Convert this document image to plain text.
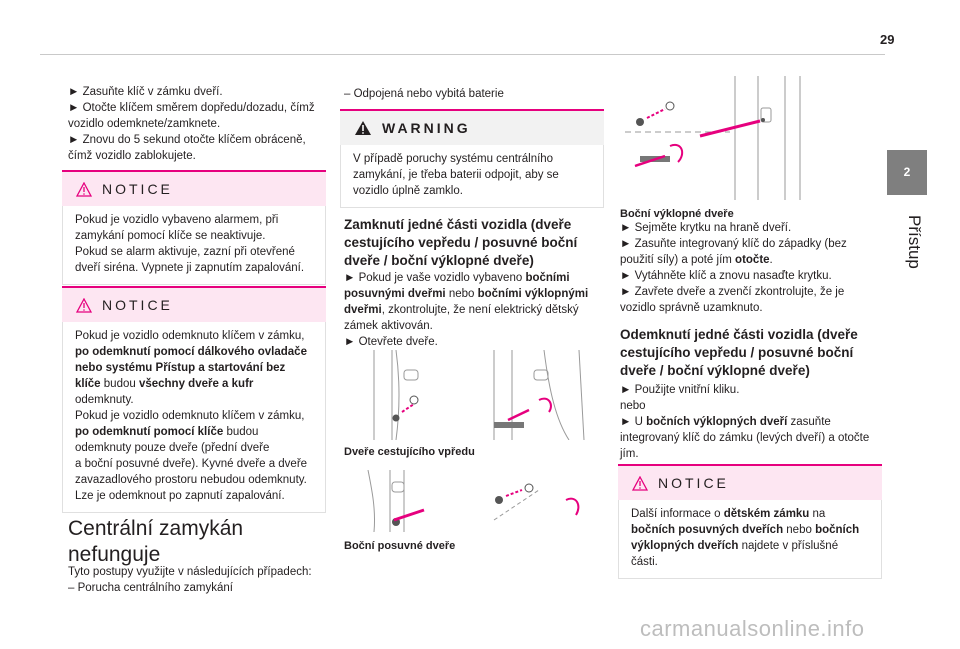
29
2
Přístup

► Zasuňte klíč v zámku dveří.

► Otočte klíčem směrem dopředu/dozadu, čímž

vozidlo odemknete/zamknete.

► Znovu do 5 sekund otočte klíčem obráceně,

čímž vozidlo zablokujete.

NOTICE

Pokud je vozidlo vybaveno alarmem, při

zamykání pomocí klíče se neaktivuje.

Pokud se alarm aktivuje, zazní při otevřené

dveří siréna. Vypnete ji zapnutím zapalování.

NOTICE

Pokud je vozidlo odemknuto klíčem v zámku,

po odemknutí pomocí dálkového ovladače

nebo systému Přístup a startování bez

klíče budou všechny dveře a kufr

odemknuty.

Pokud je vozidlo odemknuto klíčem v zámku,

po odemknutí pomocí klíče budou

odemknuty pouze dveře (přední dveře

a boční posuvné dveře). Kyvné dveře a dveře

zavazadlového prostoru nebudou odemknuty.

Lze je odemknout po zapnutí zapalování.

Centrální zamykán
nefunguje

Tyto postupy využijte v následujících případech:

– Porucha centrálního zamykání

– Odpojená nebo vybitá baterie

WARNING

V případě poruchy systému centrálního

zamykání, je třeba baterii odpojit, aby se

vozidlo úplně zamklo.

Zamknutí jedné části vozidla (dveře
cestujícího vepředu / posuvné boční
dveře / boční výklopné dveře)

► Pokud je vaše vozidlo vybaveno bočními

posuvnými dveřmi nebo bočními výklopnými

dveřmi, zkontrolujte, že není elektrický dětský

zámek aktivován.

► Otevřete dveře.

Dveře cestujícího vpředu
Boční posuvné dveře
Boční výklopné dveře

► Sejměte krytku na hraně dveří.

► Zasuňte integrovaný klíč do západky (bez

použití síly) a poté jím otočte.

► Vytáhněte klíč a znovu nasaďte krytku.

► Zavřete dveře a zvenčí zkontrolujte, že je

vozidlo správně uzamknuto.

Odemknutí jedné části vozidla (dveře
cestujícího vepředu / posuvné boční
dveře / boční výklopné dveře)

► Použijte vnitřní kliku.

nebo

► U bočních výklopných dveří zasuňte

integrovaný klíč do zámku (levých dveří) a otočte

jím.

NOTICE

Další informace o dětském zámku na

bočních posuvných dveřích nebo bočních

výklopných dveřích najdete v příslušné

části.

carmanualsonline.info
